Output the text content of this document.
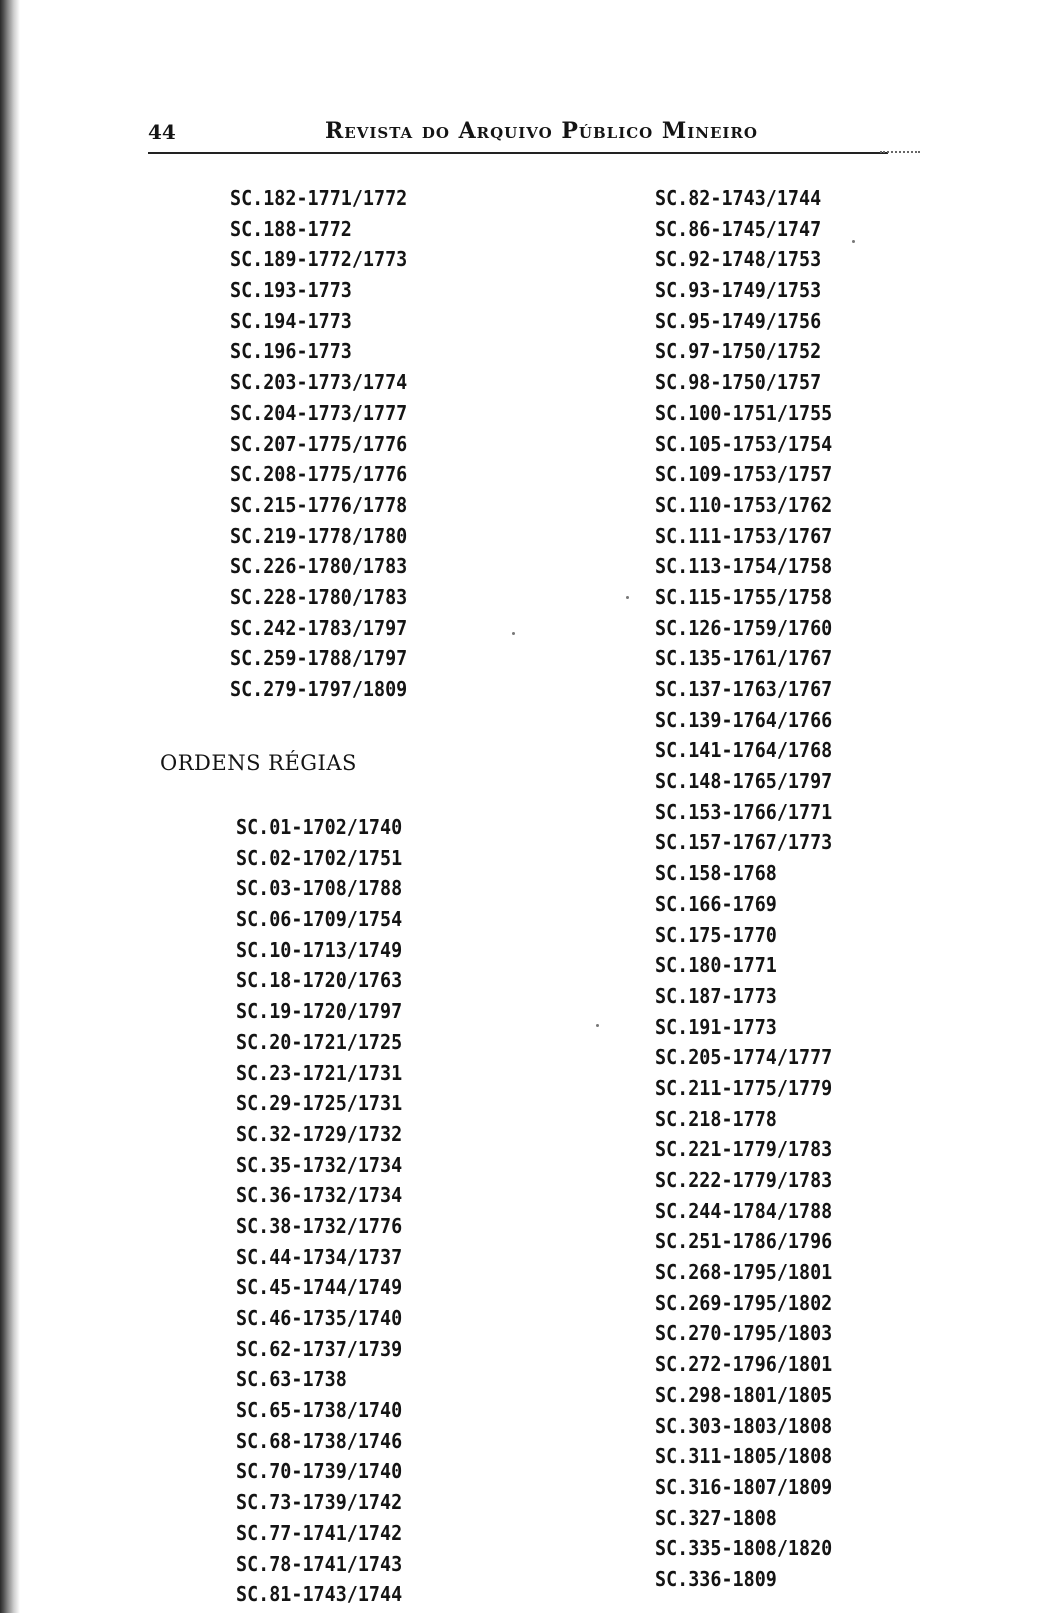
44	Revista do Arquivo Público Mineiro
SC.182-1771/1772
SC.188-1772
SC.189-1772/1773
SC.193-1773
SC.194-1773
SC.196-1773
SC.203-1773/1774
SC.204-1773/1777
SC.207-1775/1776
SC.208-1775/1776
SC.215-1776/1778
SC.219-1778/1780
SC.226-1780/1783
SC.228-1780/1783
SC.242-1783/1797
SC.259-1788/1797
SC.279-1797/1809
ORDENS RÉGIAS
SC.01-1702/1740
SC.02-1702/1751
SC.03-1708/1788
SC.06-1709/1754
SC.10-1713/1749
SC.18-1720/1763
SC.19-1720/1797
SC.20-1721/1725
SC.23-1721/1731
SC.29-1725/1731
SC.32-1729/1732
SC.35-1732/1734
SC.36-1732/1734
SC.38-1732/1776
SC.44-1734/1737
SC.45-1744/1749
SC.46-1735/1740
SC.62-1737/1739
SC.63-1738
SC.65-1738/1740
SC.68-1738/1746
SC.70-1739/1740
SC.73-1739/1742
SC.77-1741/1742
SC.78-1741/1743
SC.81-1743/1744
SC.82-1743/1744
SC.86-1745/1747
SC.92-1748/1753
SC.93-1749/1753
SC.95-1749/1756
SC.97-1750/1752
SC.98-1750/1757
SC.100-1751/1755
SC.105-1753/1754
SC.109-1753/1757
SC.110-1753/1762
SC.111-1753/1767
SC.113-1754/1758
SC.115-1755/1758
SC.126-1759/1760
SC.135-1761/1767
SC.137-1763/1767
SC.139-1764/1766
SC.141-1764/1768
SC.148-1765/1797
SC.153-1766/1771
SC.157-1767/1773
SC.158-1768
SC.166-1769
SC.175-1770
SC.180-1771
SC.187-1773
SC.191-1773
SC.205-1774/1777
SC.211-1775/1779
SC.218-1778
SC.221-1779/1783
SC.222-1779/1783
SC.244-1784/1788
SC.251-1786/1796
SC.268-1795/1801
SC.269-1795/1802
SC.270-1795/1803
SC.272-1796/1801
SC.298-1801/1805
SC.303-1803/1808
SC.311-1805/1808
SC.316-1807/1809
SC.327-1808
SC.335-1808/1820
SC.336-1809
